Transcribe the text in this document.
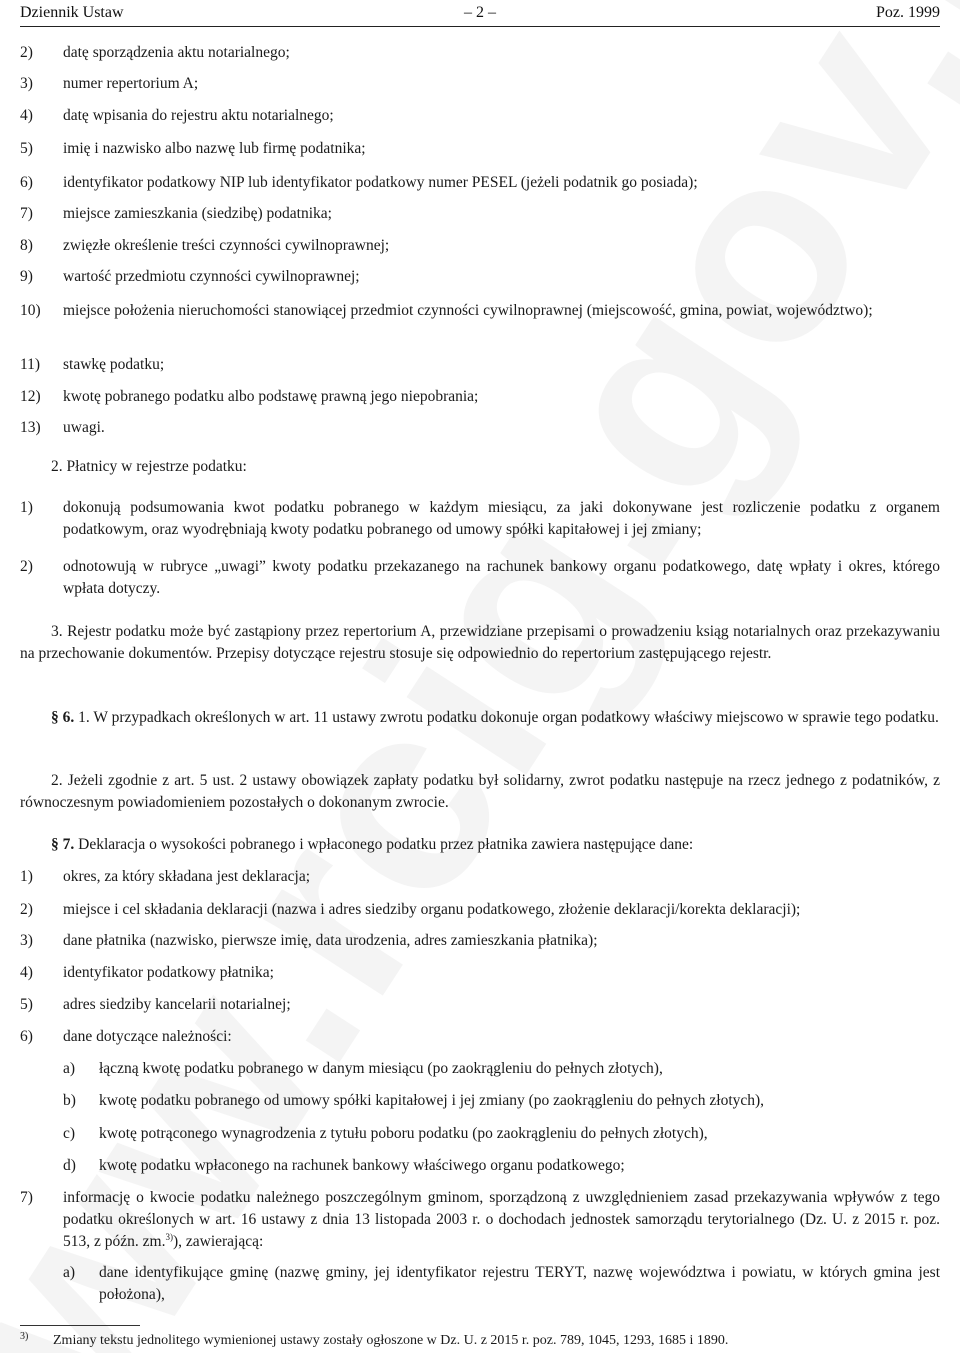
Dziennik Ustaw	– 2 –	Poz. 1999
2) datę sporządzenia aktu notarialnego;
3) numer repertorium A;
4) datę wpisania do rejestru aktu notarialnego;
5) imię i nazwisko albo nazwę lub firmę podatnika;
6) identyfikator podatkowy NIP lub identyfikator podatkowy numer PESEL (jeżeli podatnik go posiada);
7) miejsce zamieszkania (siedzibę) podatnika;
8) zwięzłe określenie treści czynności cywilnoprawnej;
9) wartość przedmiotu czynności cywilnoprawnej;
10) miejsce położenia nieruchomości stanowiącej przedmiot czynności cywilnoprawnej (miejscowość, gmina, powiat, województwo);
11) stawkę podatku;
12) kwotę pobranego podatku albo podstawę prawną jego niepobrania;
13) uwagi.
2. Płatnicy w rejestrze podatku:
1) dokonują podsumowania kwot podatku pobranego w każdym miesiącu, za jaki dokonywane jest rozliczenie podatku z organem podatkowym, oraz wyodrębniają kwoty podatku pobranego od umowy spółki kapitałowej i jej zmiany;
2) odnotowują w rubryce „uwagi” kwoty podatku przekazanego na rachunek bankowy organu podatkowego, datę wpłaty i okres, którego wpłata dotyczy.
3. Rejestr podatku może być zastąpiony przez repertorium A, przewidziane przepisami o prowadzeniu ksiąg notarialnych oraz przekazywaniu na przechowanie dokumentów. Przepisy dotyczące rejestru stosuje się odpowiednio do repertorium zastępującego rejestr.
§ 6. 1. W przypadkach określonych w art. 11 ustawy zwrotu podatku dokonuje organ podatkowy właściwy miejscowo w sprawie tego podatku.
2. Jeżeli zgodnie z art. 5 ust. 2 ustawy obowiązek zapłaty podatku był solidarny, zwrot podatku następuje na rzecz jednego z podatników, z równoczesnym powiadomieniem pozostałych o dokonanym zwrocie.
§ 7. Deklaracja o wysokości pobranego i wpłaconego podatku przez płatnika zawiera następujące dane:
1) okres, za który składana jest deklaracja;
2) miejsce i cel składania deklaracji (nazwa i adres siedziby organu podatkowego, złożenie deklaracji/korekta deklaracji);
3) dane płatnika (nazwisko, pierwsze imię, data urodzenia, adres zamieszkania płatnika);
4) identyfikator podatkowy płatnika;
5) adres siedziby kancelarii notarialnej;
6) dane dotyczące należności:
a) łączną kwotę podatku pobranego w danym miesiącu (po zaokrągleniu do pełnych złotych),
b) kwotę podatku pobranego od umowy spółki kapitałowej i jej zmiany (po zaokrągleniu do pełnych złotych),
c) kwotę potrąconego wynagrodzenia z tytułu poboru podatku (po zaokrągleniu do pełnych złotych),
d) kwotę podatku wpłaconego na rachunek bankowy właściwego organu podatkowego;
7) informację o kwocie podatku należnego poszczególnym gminom, sporządzoną z uwzględnieniem zasad przekazywania wpływów z tego podatku określonych w art. 16 ustawy z dnia 13 listopada 2003 r. o dochodach jednostek samorządu terytorialnego (Dz. U. z 2015 r. poz. 513, z późn. zm.$^{3)}$), zawierającą:
a) dane identyfikujące gminę (nazwę gminy, jej identyfikator rejestru TERYT, nazwę województwa i powiatu, w których gmina jest położona),
3) Zmiany tekstu jednolitego wymienionej ustawy zostały ogłoszone w Dz. U. z 2015 r. poz. 789, 1045, 1293, 1685 i 1890.
